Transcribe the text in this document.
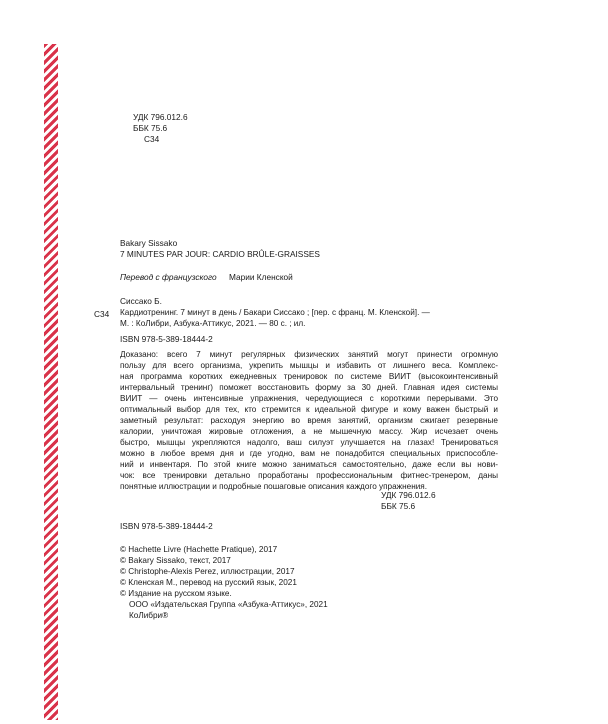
УДК 796.012.6
ББК 75.6
С34
Bakary Sissako
7 MINUTES PAR JOUR: CARDIO BRÛLE-GRAISSES
Перевод с французского Марии Кленской
Сиссако Б.
С34 Кардиотренинг. 7 минут в день / Бакари Сиссако ; [пер. с франц. М. Кленской]. —
М. : КоЛибри, Азбука-Аттикус, 2021. — 80 с. ; ил.
ISBN 978-5-389-18444-2
Доказано: всего 7 минут регулярных физических занятий могут принести огромную
пользу для всего организма, укрепить мышцы и избавить от лишнего веса. Комплекс-
ная программа коротких ежедневных тренировок по системе ВИИТ (высокоинтенсивный
интервальный тренинг) поможет восстановить форму за 30 дней. Главная идея системы
ВИИТ — очень интенсивные упражнения, чередующиеся с короткими перерывами. Это
оптимальный выбор для тех, кто стремится к идеальной фигуре и кому важен быстрый и
заметный результат: расходуя энергию во время занятий, организм сжигает резервные
калории, уничтожая жировые отложения, а не мышечную массу. Жир исчезает очень
быстро, мышцы укрепляются надолго, ваш силуэт улучшается на глазах! Тренироваться
можно в любое время дня и где угодно, вам не понадобится специальных приспособле-
ний и инвентаря. По этой книге можно заниматься самостоятельно, даже если вы нови-
чок: все тренировки детально проработаны профессиональным фитнес-тренером, даны
понятные иллюстрации и подробные пошаговые описания каждого упражнения.
УДК 796.012.6
ББК 75.6
ISBN 978-5-389-18444-2
© Hachette Livre (Hachette Pratique), 2017
© Bakary Sissako, текст, 2017
© Christophe-Alexis Perez, иллюстрации, 2017
© Кленская М., перевод на русский язык, 2021
© Издание на русском языке.
ООО «Издательская Группа «Азбука-Аттикус», 2021
КоЛибри®
